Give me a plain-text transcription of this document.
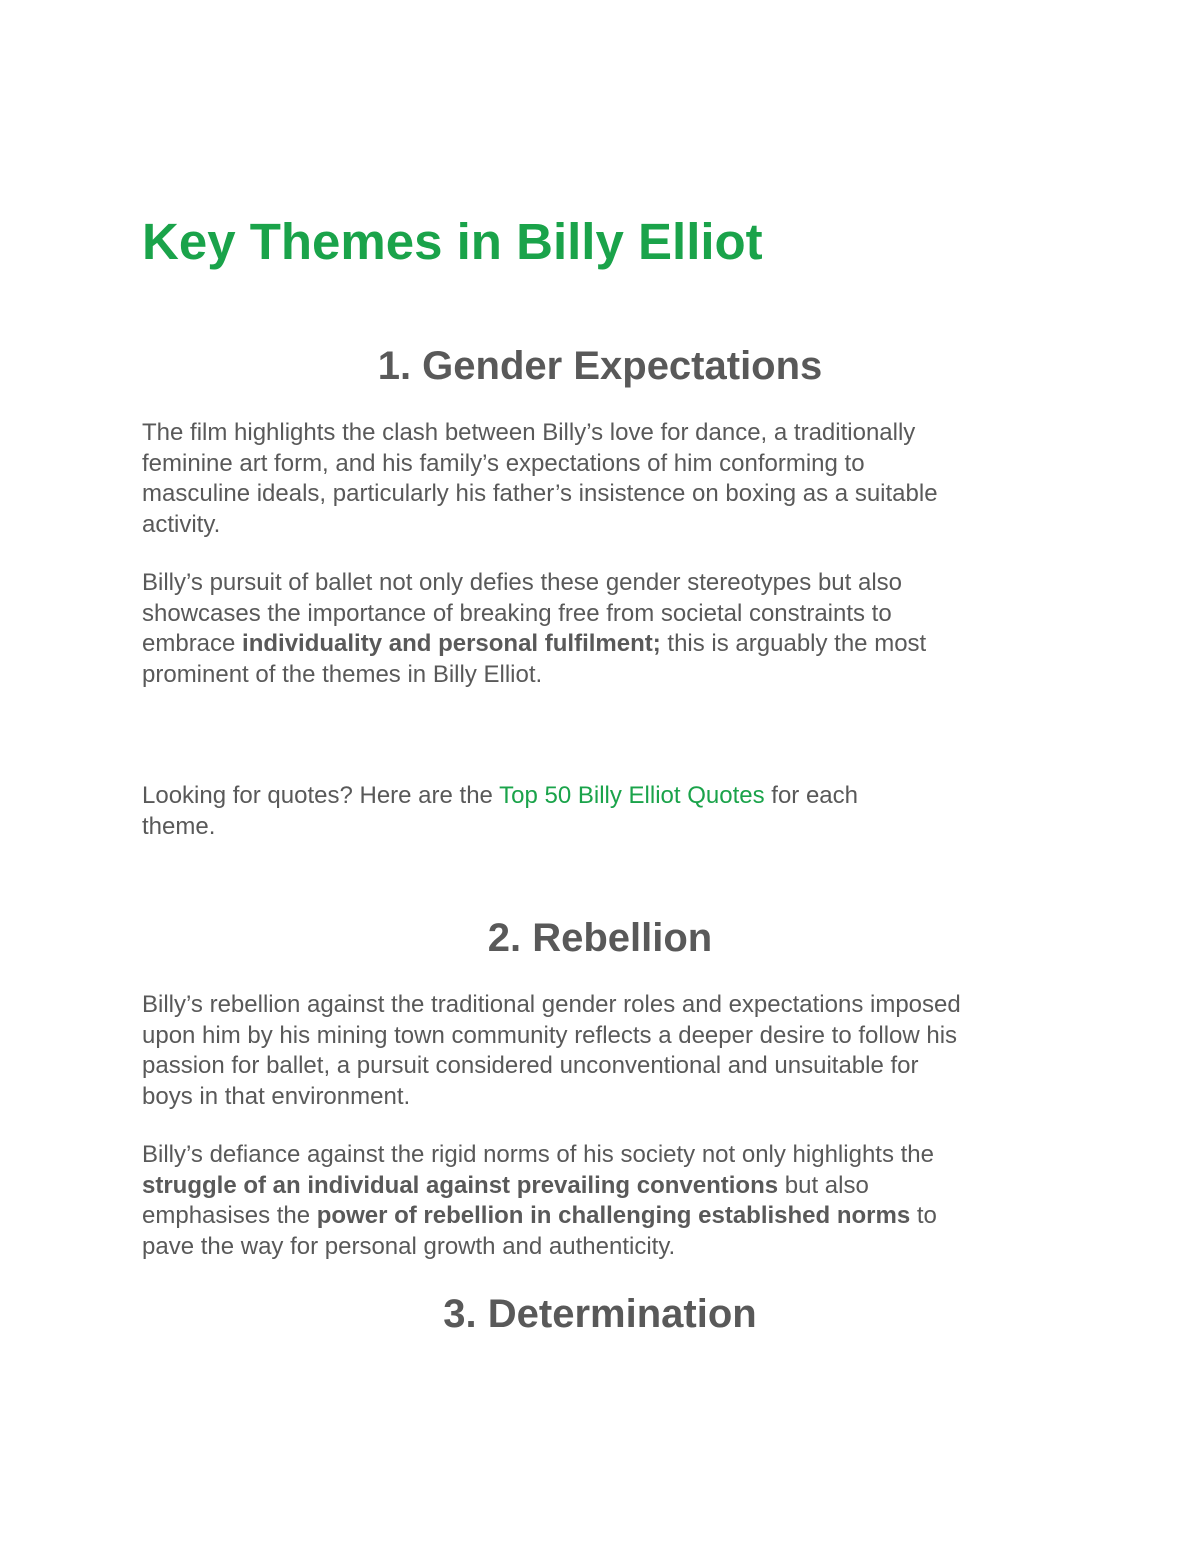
Key Themes in Billy Elliot
1. Gender Expectations

The film highlights the clash between Billy’s love for dance, a traditionally
feminine art form, and his family’s expectations of him conforming to
masculine ideals, particularly his father’s insistence on boxing as a suitable
activity.

Billy’s pursuit of ballet not only defies these gender stereotypes but also
showcases the importance of breaking free from societal constraints to
embrace individuality and personal fulfilment; this is arguably the most
prominent of the themes in Billy Elliot.

Looking for quotes? Here are the Top 50 Billy Elliot Quotes for each
theme.

2. Rebellion

Billy’s rebellion against the traditional gender roles and expectations imposed
upon him by his mining town community reflects a deeper desire to follow his
passion for ballet, a pursuit considered unconventional and unsuitable for
boys in that environment.

Billy’s defiance against the rigid norms of his society not only highlights the
struggle of an individual against prevailing conventions but also
emphasises the power of rebellion in challenging established norms to
pave the way for personal growth and authenticity.

3. Determination
